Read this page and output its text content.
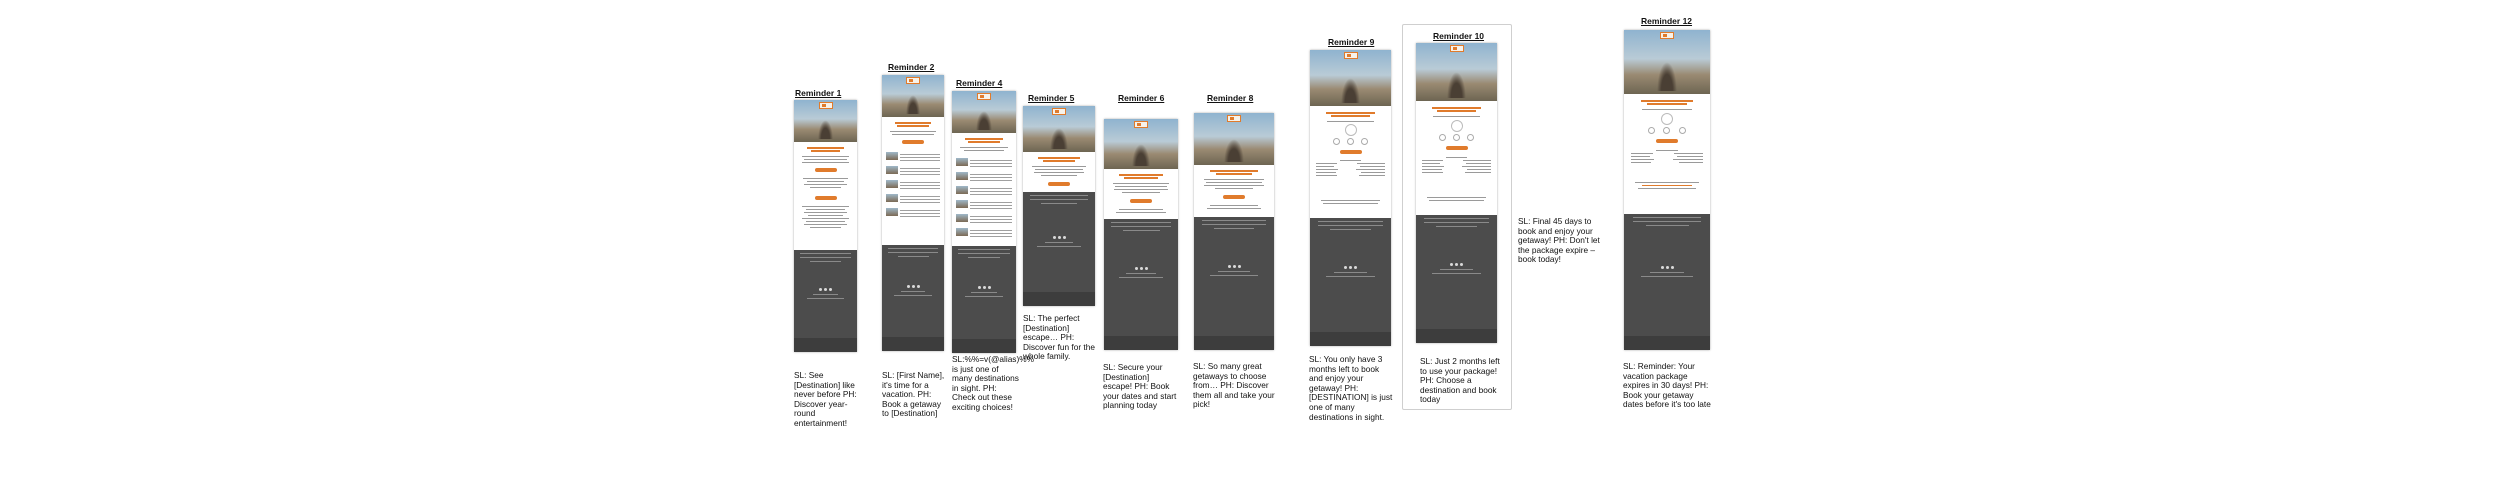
Reminder 1
SL: See [Destination] like never before PH: Discover year-round entertainment!
Reminder 2
SL: [First Name], it's time for a vacation. PH: Book a getaway to [Destination]
Reminder 4
SL:%%=v(@alias)%% is just one of many destinations in sight. PH: Check out these exciting choices!
Reminder 5
SL: The perfect [Destination] escape… PH: Discover fun for the whole family.
Reminder 6
SL: Secure your [Destination] escape! PH: Book your dates and start planning today
Reminder 8
SL: So many great getaways to choose from… PH: Discover them all and take your pick!
Reminder 9
SL: You only have 3 months left to book and enjoy your getaway! PH: [DESTINATION] is just one of many destinations in sight.
Reminder 10
SL: Just 2 months left to use your package! PH: Choose a destination and book today
SL: Final 45 days to book and enjoy your getaway! PH: Don't let the package expire – book today!
Reminder 12
SL: Reminder: Your vacation package expires in 30 days! PH: Book your getaway dates before it's too late
